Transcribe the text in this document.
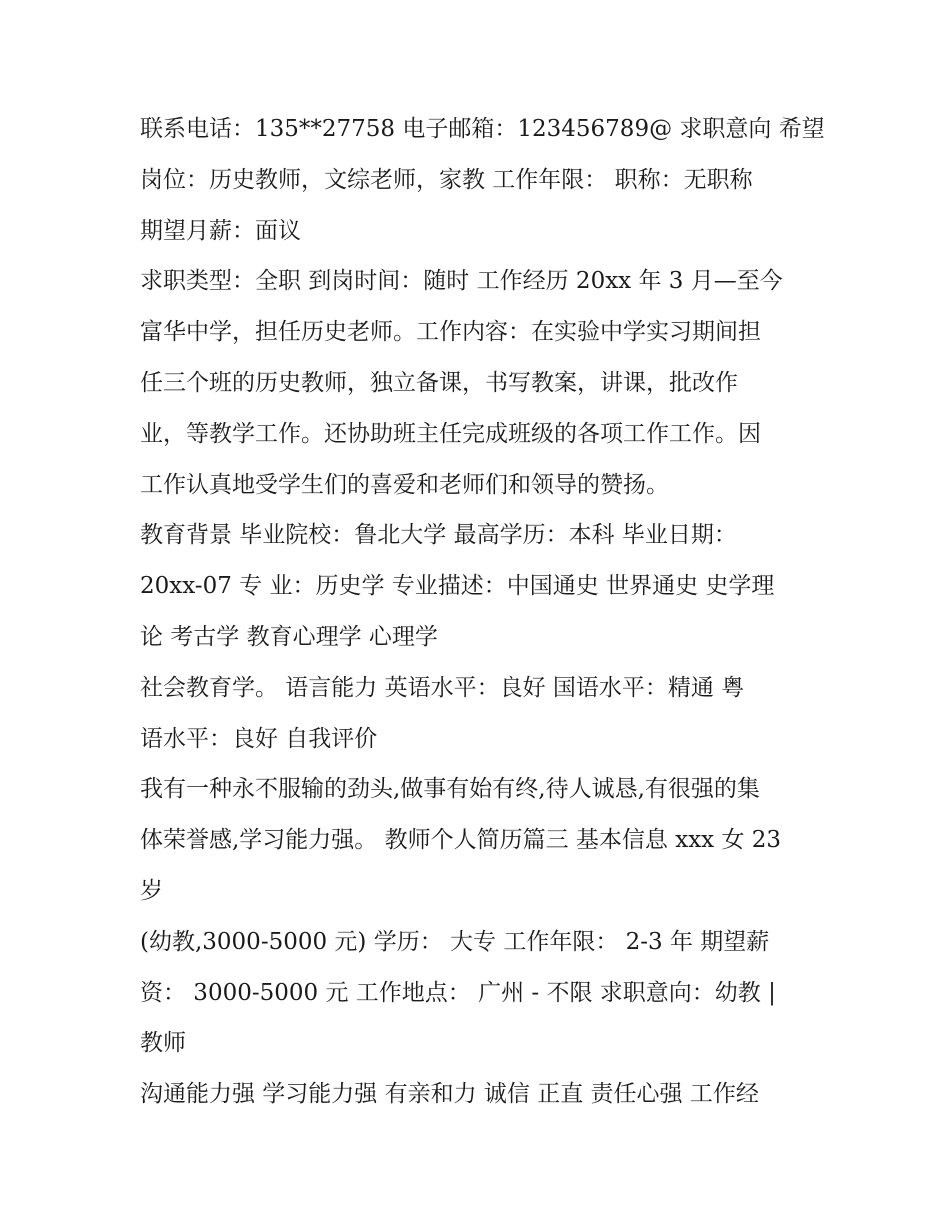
联系电话：135**27758 电子邮箱：123456789@ 求职意向 希望

岗位：历史教师，文综老师，家教 工作年限： 职称：无职称

期望月薪：面议

求职类型：全职 到岗时间：随时 工作经历 20xx 年 3 月—至今

富华中学，担任历史老师。工作内容：在实验中学实习期间担

任三个班的历史教师，独立备课，书写教案，讲课，批改作

业，等教学工作。还协助班主任完成班级的各项工作工作。因

工作认真地受学生们的喜爱和老师们和领导的赞扬。

教育背景 毕业院校：鲁北大学 最高学历：本科 毕业日期：

20xx-07 专 业：历史学 专业描述：中国通史 世界通史 史学理

论 考古学 教育心理学 心理学

社会教育学。 语言能力 英语水平：良好 国语水平：精通 粤

语水平：良好 自我评价

我有一种永不服输的劲头,做事有始有终,待人诚恳,有很强的集

体荣誉感,学习能力强。 教师个人简历篇三 基本信息 xxx 女 23

岁

(幼教,3000-5000 元) 学历： 大专 工作年限： 2-3 年 期望薪

资： 3000-5000 元 工作地点： 广州 - 不限 求职意向：幼教 |

教师

沟通能力强 学习能力强 有亲和力 诚信 正直 责任心强 工作经
